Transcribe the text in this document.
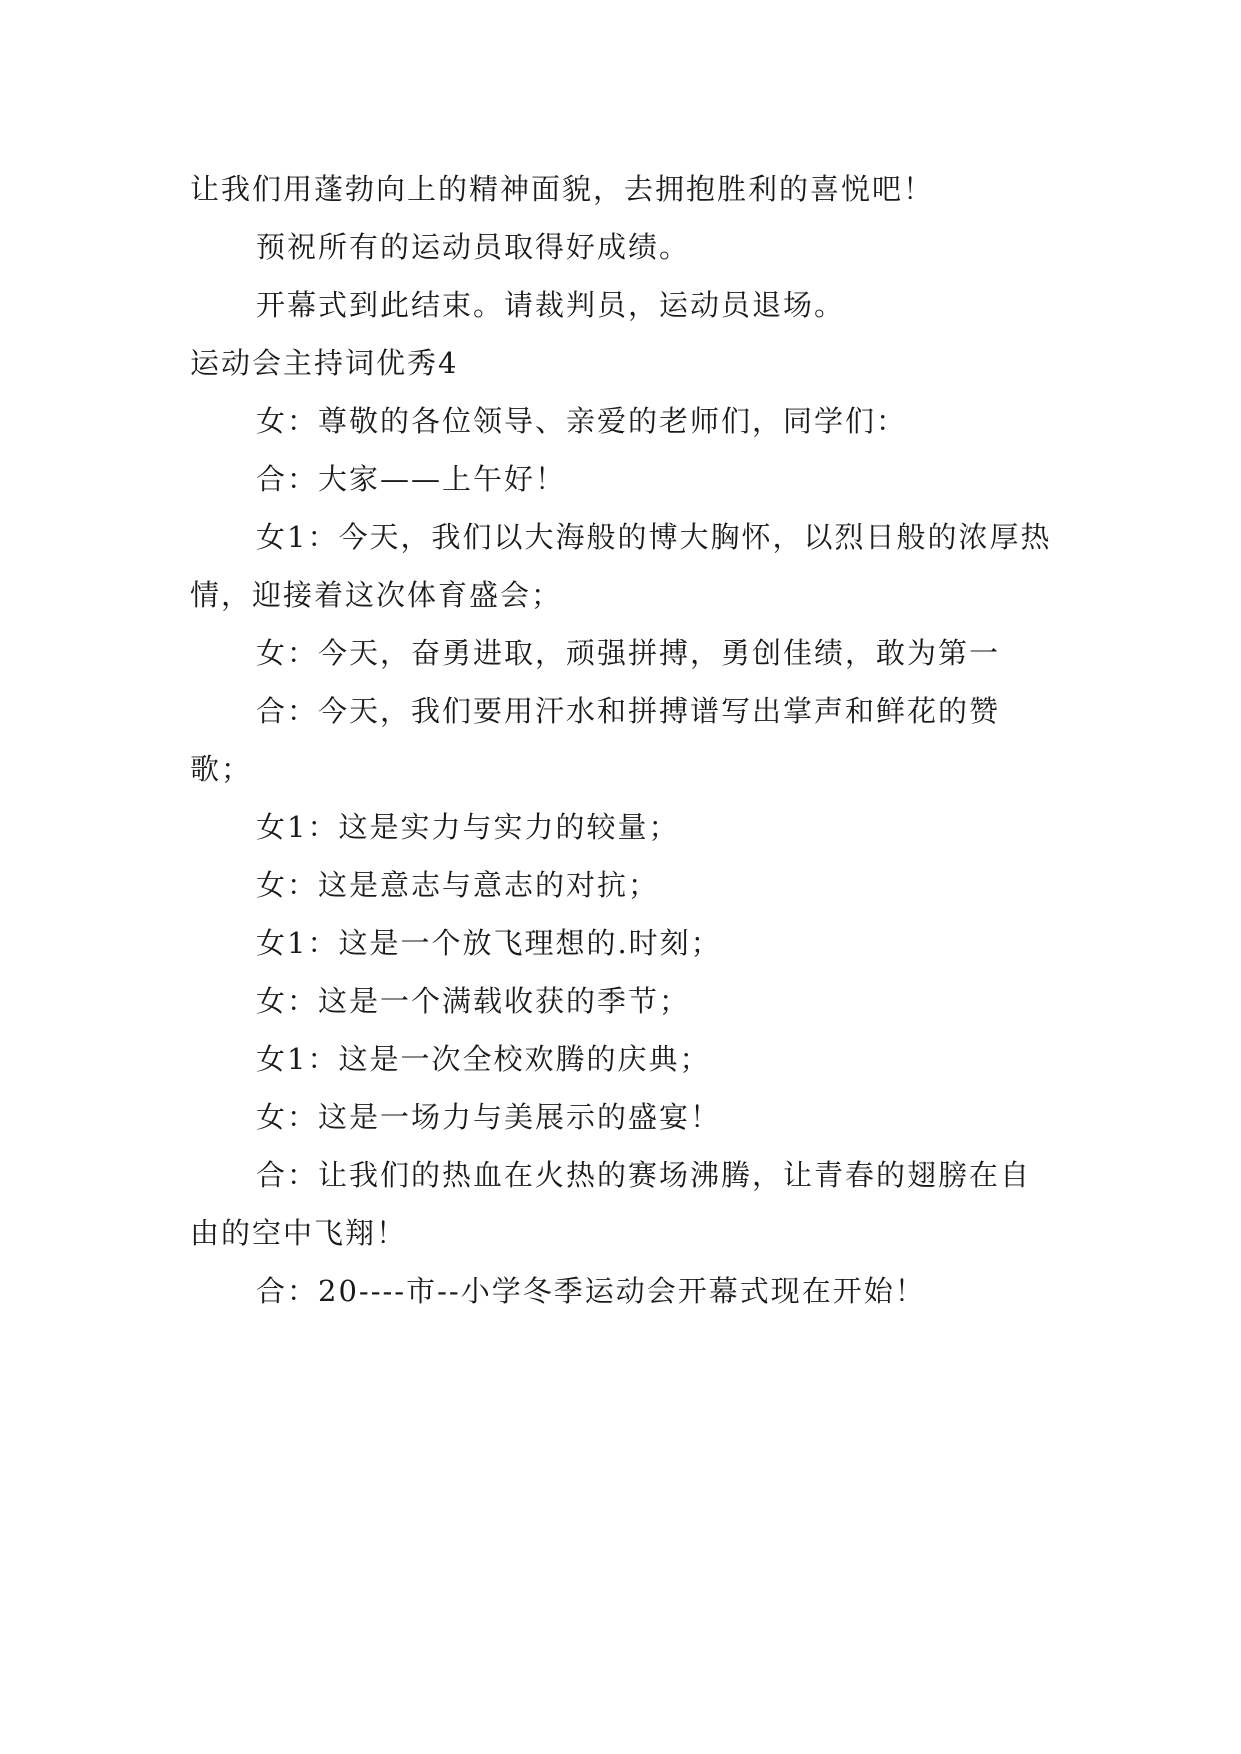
让我们用蓬勃向上的精神面貌，去拥抱胜利的喜悦吧！

预祝所有的运动员取得好成绩。

开幕式到此结束。请裁判员，运动员退场。

运动会主持词优秀4

女：尊敬的各位领导、亲爱的老师们，同学们：

合：大家——上午好！

女1：今天，我们以大海般的博大胸怀，以烈日般的浓厚热情，迎接着这次体育盛会；

女：今天，奋勇进取，顽强拼搏，勇创佳绩，敢为第一

合：今天，我们要用汗水和拼搏谱写出掌声和鲜花的赞歌；

女1：这是实力与实力的较量；

女：这是意志与意志的对抗；

女1：这是一个放飞理想的.时刻；

女：这是一个满载收获的季节；

女1：这是一次全校欢腾的庆典；

女：这是一场力与美展示的盛宴！

合：让我们的热血在火热的赛场沸腾，让青春的翅膀在自由的空中飞翔！

合：20----市--小学冬季运动会开幕式现在开始！
